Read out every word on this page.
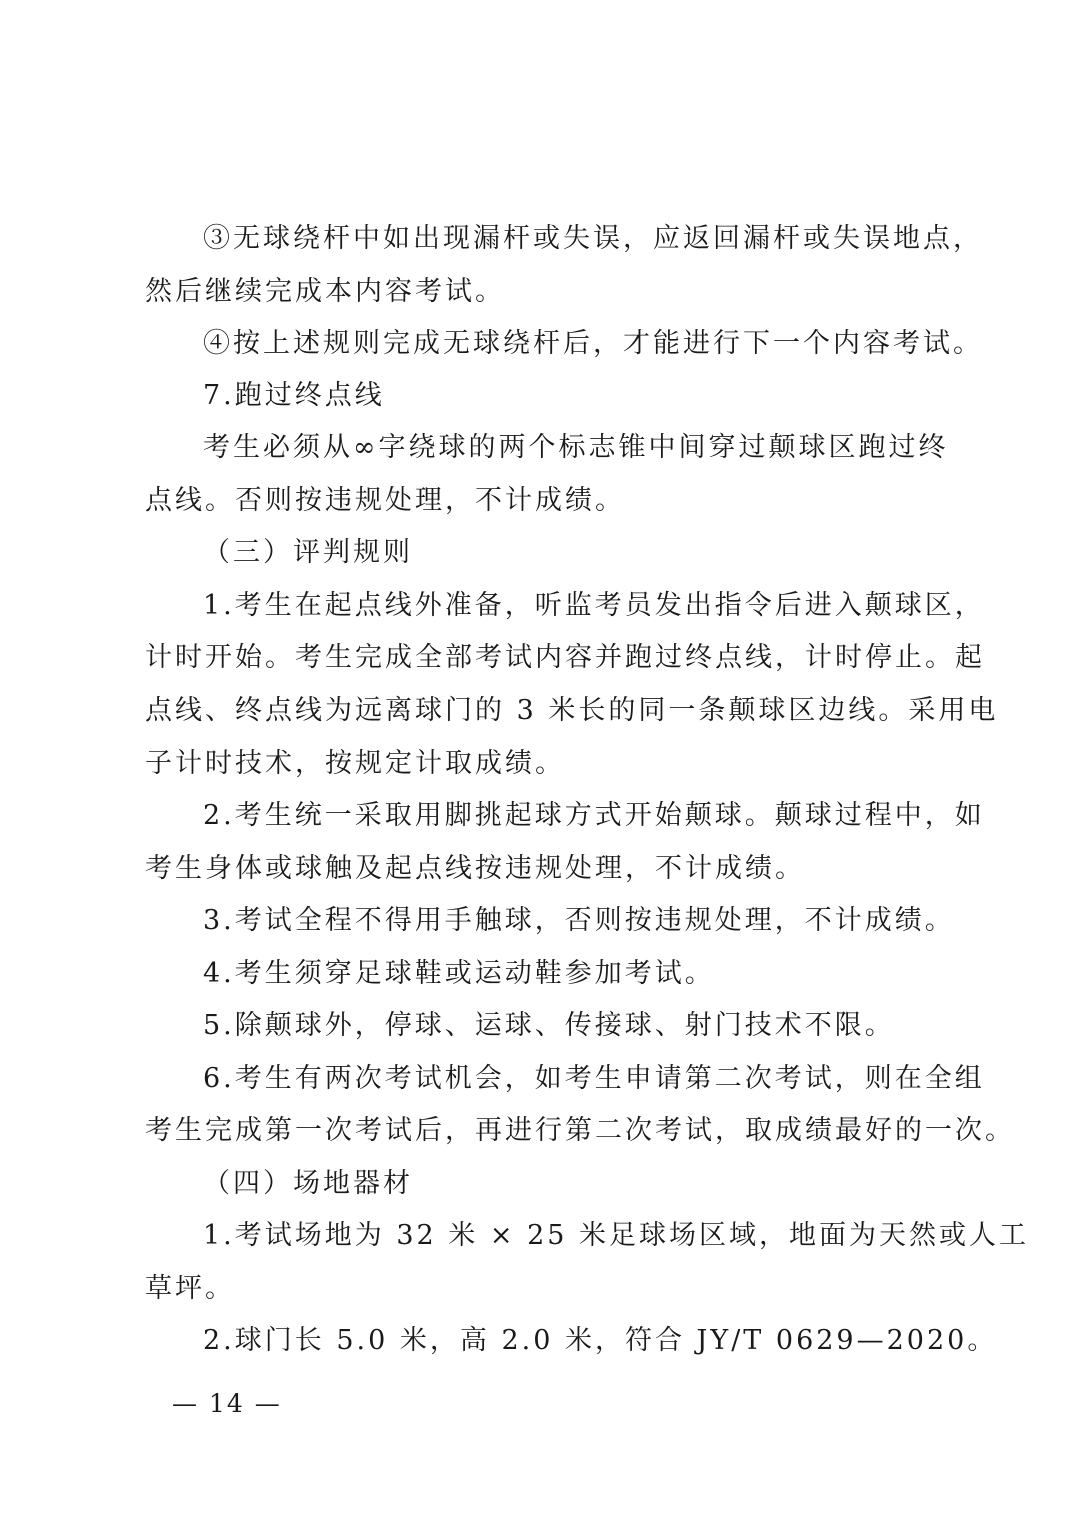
③无球绕杆中如出现漏杆或失误，应返回漏杆或失误地点，
然后继续完成本内容考试。
④按上述规则完成无球绕杆后，才能进行下一个内容考试。
7.跑过终点线
考生必须从∞字绕球的两个标志锥中间穿过颠球区跑过终
点线。否则按违规处理，不计成绩。
（三）评判规则
1.考生在起点线外准备，听监考员发出指令后进入颠球区，
计时开始。考生完成全部考试内容并跑过终点线，计时停止。起
点线、终点线为远离球门的 3 米长的同一条颠球区边线。采用电
子计时技术，按规定计取成绩。
2.考生统一采取用脚挑起球方式开始颠球。颠球过程中，如
考生身体或球触及起点线按违规处理，不计成绩。
3.考试全程不得用手触球，否则按违规处理，不计成绩。
4.考生须穿足球鞋或运动鞋参加考试。
5.除颠球外，停球、运球、传接球、射门技术不限。
6.考生有两次考试机会，如考生申请第二次考试，则在全组
考生完成第一次考试后，再进行第二次考试，取成绩最好的一次。
（四）场地器材
1.考试场地为 32 米 × 25 米足球场区域，地面为天然或人工
草坪。
2.球门长 5.0 米，高 2.0 米，符合 JY/T 0629—2020。
— 14 —
